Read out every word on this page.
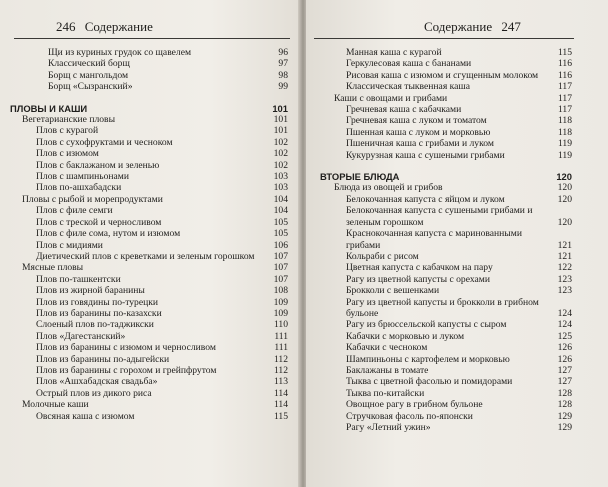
246 Содержание
Щи из куриных грудок со щавелем	96
Классический борщ	97
Борщ с мангольдом	98
Борщ «Сызранский»	99
ПЛОВЫ И КАШИ	101
Вегетарианские пловы	101
Плов с курагой	101
Плов с сухофруктами и чесноком	102
Плов с изюмом	102
Плов с баклажаном и зеленью	102
Плов с шампиньонами	103
Плов по-ашхабадски	103
Пловы с рыбой и морепродуктами	104
Плов с филе семги	104
Плов с треской и черносливом	105
Плов с филе сома, нутом и изюмом	105
Плов с мидиями	106
Диетический плов с креветками и зеленым горошком	107
Мясные пловы	107
Плов по-ташкентски	107
Плов из жирной баранины	108
Плов из говядины по-турецки	109
Плов из баранины по-казахски	109
Слоеный плов по-таджикски	110
Плов «Дагестанский»	111
Плов из баранины с изюмом и черносливом	111
Плов из баранины по-адыгейски	112
Плов из баранины с горохом и грейпфрутом	112
Плов «Ашхабадская свадьба»	113
Острый плов из дикого риса	114
Молочные каши	114
Овсяная каша с изюмом	115
Содержание 247
Манная каша с курагой	115
Геркулесовая каша с бананами	116
Рисовая каша с изюмом и сгущенным молоком	116
Классическая тыквенная каша	117
Каши с овощами и грибами	117
Гречневая каша с кабачками	117
Гречневая каша с луком и томатом	118
Пшенная каша с луком и морковью	118
Пшеничная каша с грибами и луком	119
Кукурузная каша с сушеными грибами	119
ВТОРЫЕ БЛЮДА	120
Блюда из овощей и грибов	120
Белокочанная капуста с яйцом и луком	120
Белокочанная капуста с сушеными грибами и зеленым горошком	120
Краснокочанная капуста с маринованными грибами	121
Кольраби с рисом	121
Цветная капуста с кабачком на пару	122
Рагу из цветной капусты с орехами	123
Брокколи с вешенками	123
Рагу из цветной капусты и брокколи в грибном бульоне	124
Рагу из брюссельской капусты с сыром	124
Кабачки с морковью и луком	125
Кабачки с чесноком	126
Шампиньоны с картофелем и морковью	126
Баклажаны в томате	127
Тыква с цветной фасолью и помидорами	127
Тыква по-китайски	128
Овощное рагу в грибном бульоне	128
Стручковая фасоль по-японски	129
Рагу «Летний ужин»	129
